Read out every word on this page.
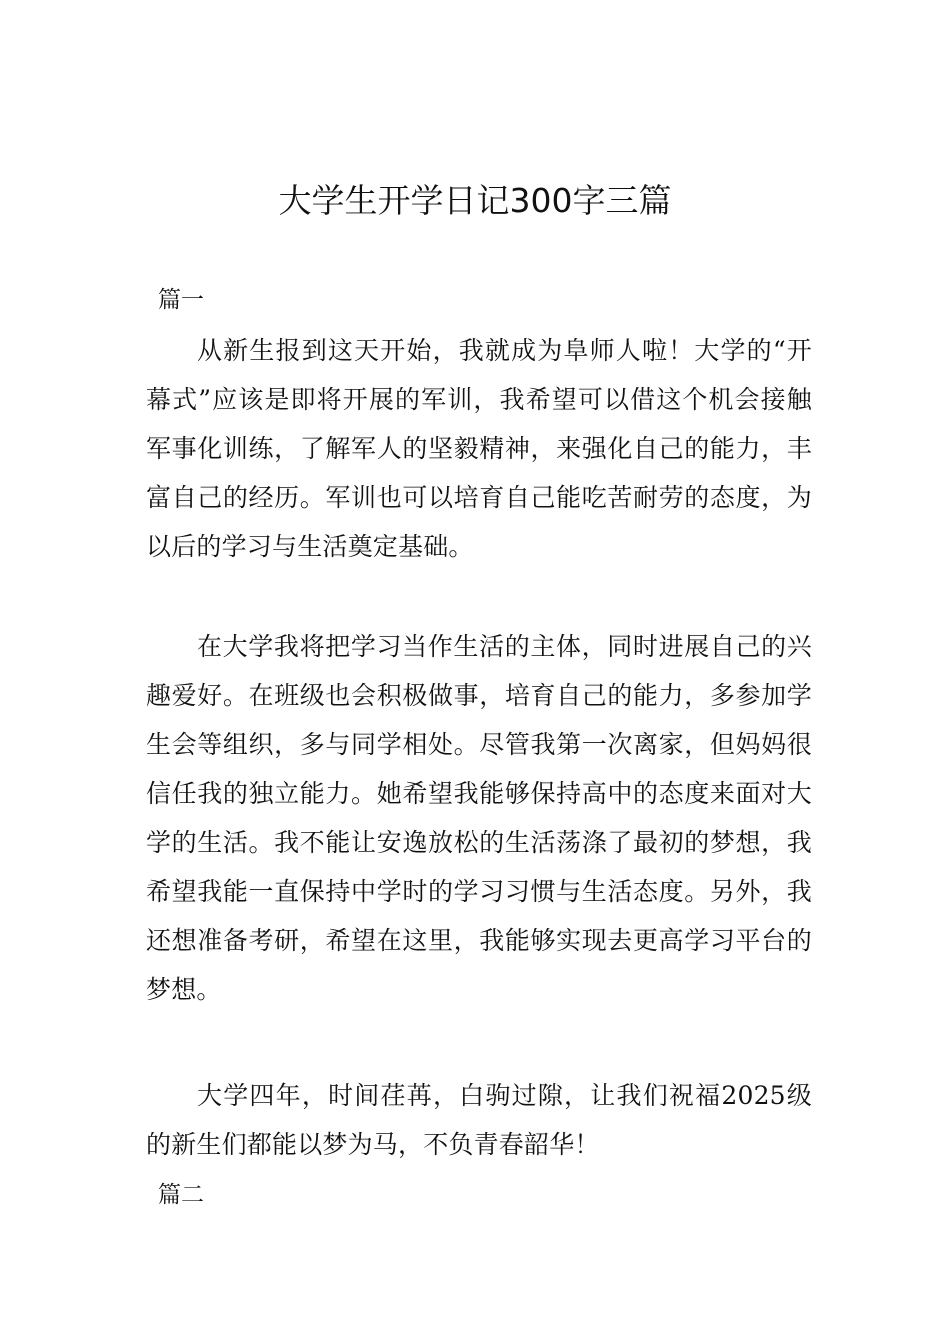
大学生开学日记300字三篇

篇一

从新生报到这天开始，我就成为阜师人啦！大学的“开幕式”应该是即将开展的军训，我希望可以借这个机会接触军事化训练，了解军人的坚毅精神，来强化自己的能力，丰富自己的经历。军训也可以培育自己能吃苦耐劳的态度，为以后的学习与生活奠定基础。

在大学我将把学习当作生活的主体，同时进展自己的兴趣爱好。在班级也会积极做事，培育自己的能力，多参加学生会等组织，多与同学相处。尽管我第一次离家，但妈妈很信任我的独立能力。她希望我能够保持高中的态度来面对大学的生活。我不能让安逸放松的生活荡涤了最初的梦想，我希望我能一直保持中学时的学习习惯与生活态度。另外，我还想准备考研，希望在这里，我能够实现去更高学习平台的梦想。

大学四年，时间荏苒，白驹过隙，让我们祝福2025级的新生们都能以梦为马，不负青春韶华！

篇二
